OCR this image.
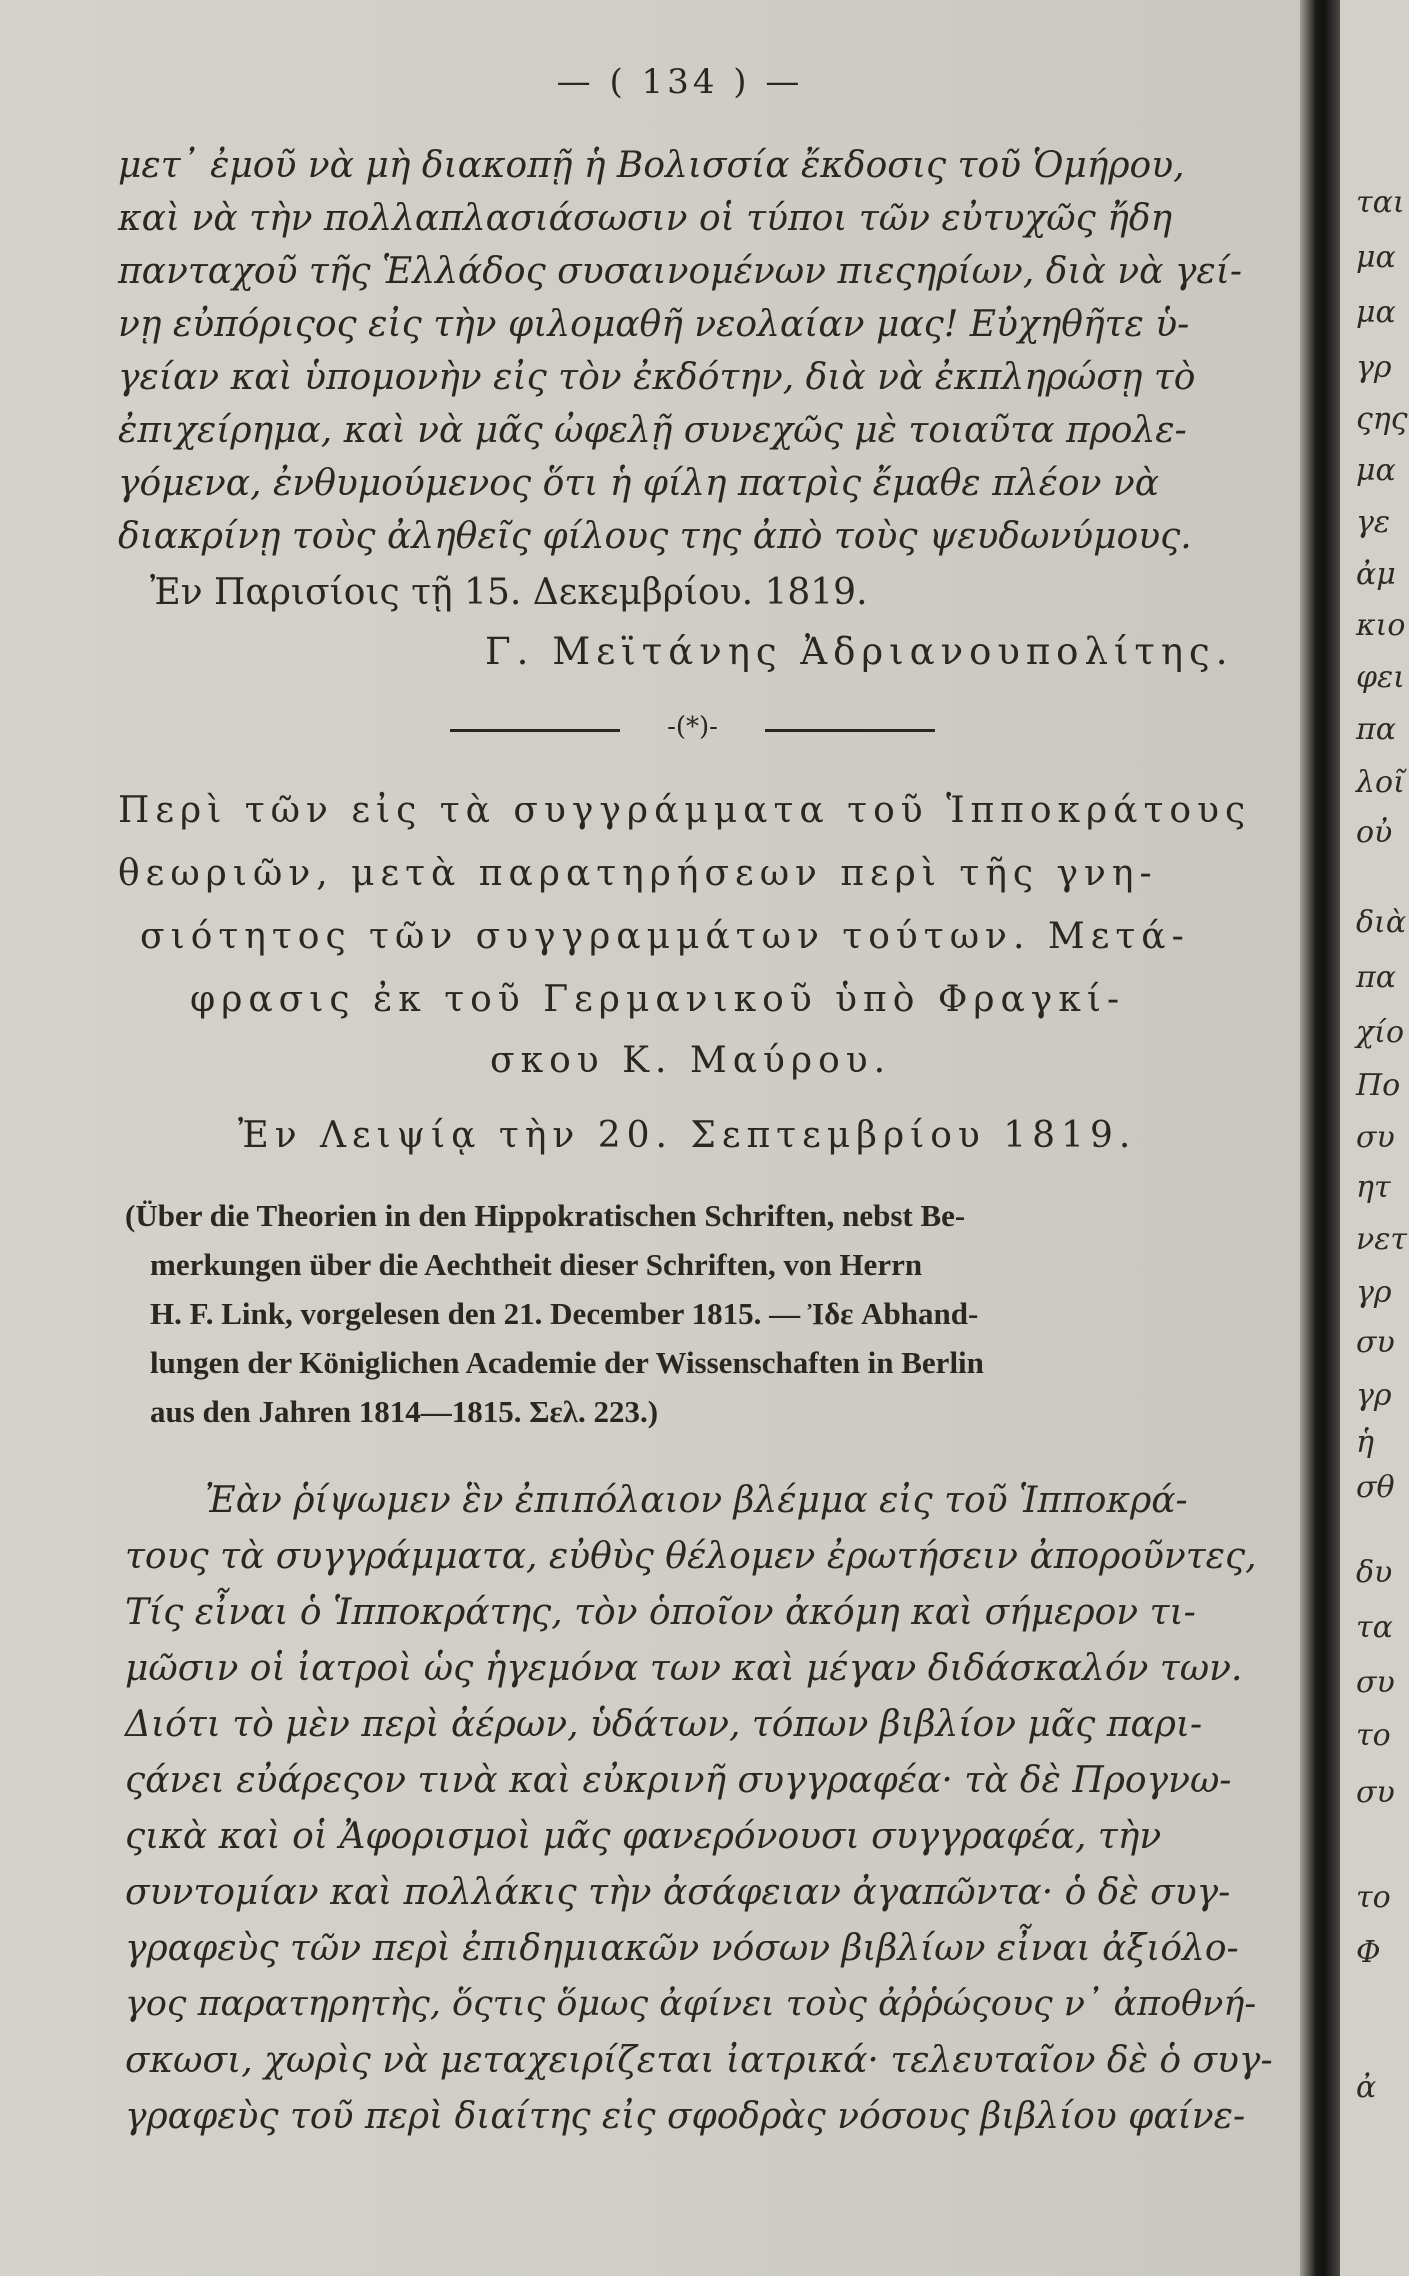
— ( 134 ) —
μετ᾽ ἐμοῦ νὰ μὴ διακοπῇ ἡ Βολισσία ἔκδοσις τοῦ Ὁμήρου,
καὶ νὰ τὴν πολλαπλασιάσωσιν οἱ τύποι τῶν εὐτυχῶς ἤδη
πανταχοῦ τῆς Ἑλλάδος συσαινομένων πιεςηρίων, διὰ νὰ γεί-
νῃ εὐπόριςος εἰς τὴν φιλομαθῆ νεολαίαν μας! Εὐχηθῆτε ὑ-
γείαν καὶ ὑπομονὴν εἰς τὸν ἐκδότην, διὰ νὰ ἐκπληρώσῃ τὸ
ἐπιχείρημα, καὶ νὰ μᾶς ὠφελῇ συνεχῶς μὲ τοιαῦτα προλε-
γόμενα, ἐνθυμούμενος ὅτι ἡ φίλη πατρὶς ἔμαθε πλέον νὰ
διακρίνῃ τοὺς ἀληθεῖς φίλους της ἀπὸ τοὺς ψευδωνύμους.
Ἐν Παρισίοις τῇ 15. Δεκεμβρίου. 1819.
Γ. Μεϊτάνης Ἀδριανουπολίτης.
-(*)-
Περὶ τῶν εἰς τὰ συγγράμματα τοῦ Ἱπποκράτους
θεωριῶν, μετὰ παρατηρήσεων περὶ τῆς γνη-
σιότητος τῶν συγγραμμάτων τούτων. Μετά-
φρασις ἐκ τοῦ Γερμανικοῦ ὑπὸ Φραγκί-
σκου Κ. Μαύρου.
Ἐν Λειψίᾳ τὴν 20. Σεπτεμβρίου 1819.
(Über die Theorien in den Hippokratischen Schriften, nebst Be-
merkungen über die Aechtheit dieser Schriften, von Herrn
H. F. Link, vorgelesen den 21. December 1815. — Ἰδε Abhand-
lungen der Königlichen Academie der Wissenschaften in Berlin
aus den Jahren 1814—1815. Σελ. 223.)
Ἐὰν ῥίψωμεν ἓν ἐπιπόλαιον βλέμμα εἰς τοῦ Ἱπποκρά-
τους τὰ συγγράμματα, εὐθὺς θέλομεν ἐρωτήσειν ἀποροῦντες,
Τίς εἶναι ὁ Ἱπποκράτης, τὸν ὁποῖον ἀκόμη καὶ σήμερον τι-
μῶσιν οἱ ἰατροὶ ὡς ἡγεμόνα των καὶ μέγαν διδάσκαλόν των.
Διότι τὸ μὲν περὶ ἀέρων, ὑδάτων, τόπων βιβλίον μᾶς παρι-
ςάνει εὐάρεςον τινὰ καὶ εὐκρινῆ συγγραφέα· τὰ δὲ Προγνω-
ςικὰ καὶ οἱ Ἀφορισμοὶ μᾶς φανερόνουσι συγγραφέα, τὴν
συντομίαν καὶ πολλάκις τὴν ἀσάφειαν ἀγαπῶντα· ὁ δὲ συγ-
γραφεὺς τῶν περὶ ἐπιδημιακῶν νόσων βιβλίων εἶναι ἀξιόλο-
γος παρατηρητὴς, ὅςτις ὅμως ἀφίνει τοὺς ἀῤῥώςους ν᾽ ἀποθνή-
σκωσι, χωρὶς νὰ μεταχειρίζεται ἰατρικά· τελευταῖον δὲ ὁ συγ-
γραφεὺς τοῦ περὶ διαίτης εἰς σφοδρὰς νόσους βιβλίου φαίνε-
ται
μα
μα
γρ
ςης
μα
γε
ἀμ
κιο
φει
πα
λοῖ
οὐ
διὰ
πα
χίο
Πο
συ
ητ
νετ
γρ
συ
γρ
ἡ
σθ
δυ
τα
συ
το
συ
το
Φ
ἀ
